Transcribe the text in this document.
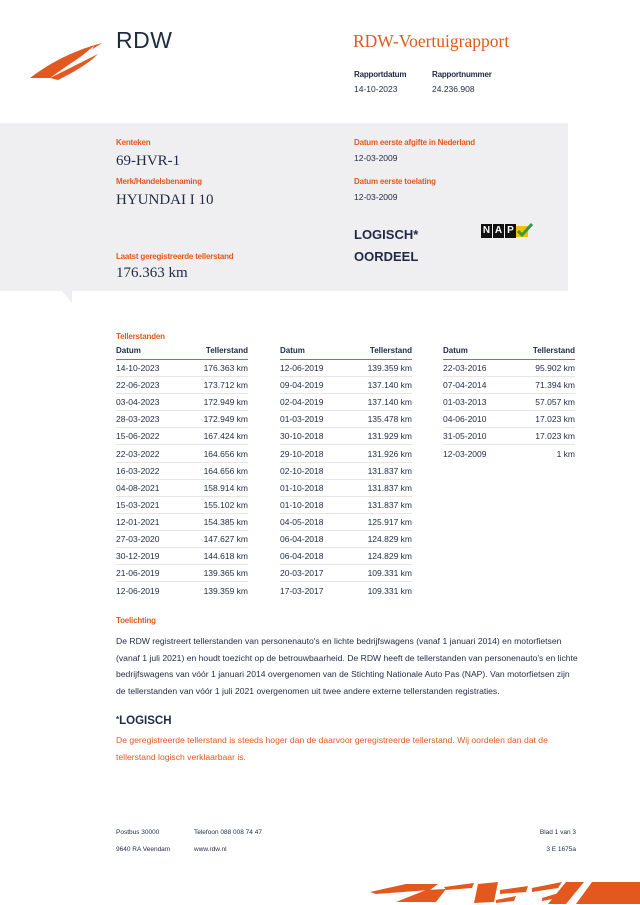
RDW	RDW-Voertuigrapport
Rapportdatum
14-10-2023
Rapportnummer
24.236.908
Kenteken
69-HVR-1
Merk/Handelsbenaming
HYUNDAI I 10
Datum eerste afgifte in Nederland
12-03-2009
Datum eerste toelating
12-03-2009
LOGISCH*
OORDEEL
N A P
Laatst geregistreerde tellerstand
176.363 km
Tellerstanden
Datum	Tellerstand
14-10-2023	176.363 km
22-06-2023	173.712 km
03-04-2023	172.949 km
28-03-2023	172.949 km
15-06-2022	167.424 km
22-03-2022	164.656 km
16-03-2022	164.656 km
04-08-2021	158.914 km
15-03-2021	155.102 km
12-01-2021	154.385 km
27-03-2020	147.627 km
30-12-2019	144.618 km
21-06-2019	139.365 km
12-06-2019	139.359 km
Datum	Tellerstand
12-06-2019	139.359 km
09-04-2019	137.140 km
02-04-2019	137.140 km
01-03-2019	135.478 km
30-10-2018	131.929 km
29-10-2018	131.926 km
02-10-2018	131.837 km
01-10-2018	131.837 km
01-10-2018	131.837 km
04-05-2018	125.917 km
06-04-2018	124.829 km
06-04-2018	124.829 km
20-03-2017	109.331 km
17-03-2017	109.331 km
Datum	Tellerstand
22-03-2016	95.902 km
07-04-2014	71.394 km
01-03-2013	57.057 km
04-06-2010	17.023 km
31-05-2010	17.023 km
12-03-2009	1 km
Toelichting
De RDW registreert tellerstanden van personenauto's en lichte bedrijfswagens (vanaf 1 januari 2014) en motorfietsen (vanaf 1 juli 2021) en houdt toezicht op de betrouwbaarheid. De RDW heeft de tellerstanden van personenauto's en lichte bedrijfswagens van vóór 1 januari 2014 overgenomen van de Stichting Nationale Auto Pas (NAP). Van motorfietsen zijn de tellerstanden van vóór 1 juli 2021 overgenomen uit twee andere externe tellerstanden registraties.
*LOGISCH
De geregistreerde tellerstand is steeds hoger dan de daarvoor geregistreerde tellerstand. Wij oordelen dan dat de tellerstand logisch verklaarbaar is.
Postbus 30000
9640 RA Veendam
Telefoon 088 008 74 47
www.rdw.nl
Blad 1 van 3
3 E 1675a
